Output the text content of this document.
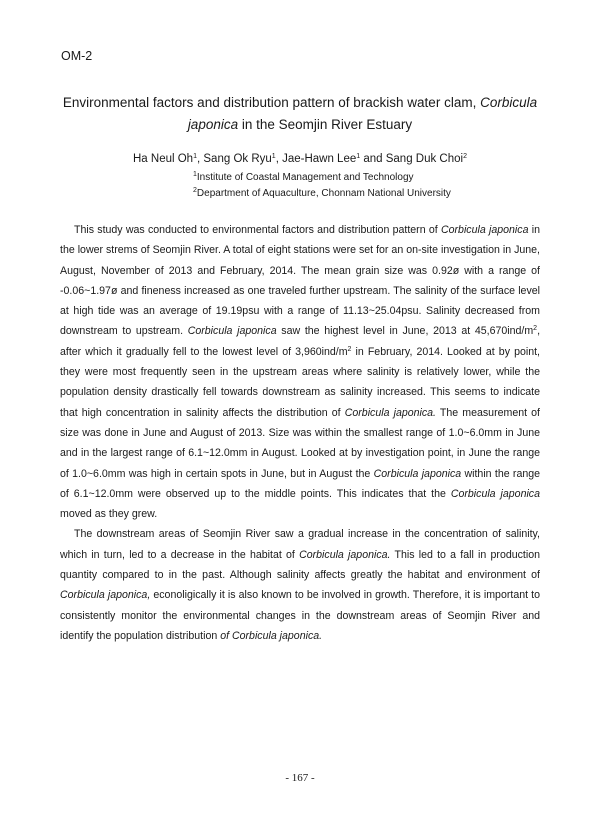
OM-2
Environmental factors and distribution pattern of brackish water clam, Corbicula
japonica in the Seomjin River Estuary
Ha Neul Oh$^1$, Sang Ok Ryu$^1$, Jae-Hawn Lee$^1$ and Sang Duk Choi$^2$
$^1$Institute of Coastal Management and Technology
$^2$Department of Aquaculture, Chonnam National University

This study was conducted to environmental factors and distribution pattern of Corbicula japonica in the lower strems of Seomjin River. A total of eight stations were set for an on-site investigation in June, August, November of 2013 and February, 2014. The mean grain size was 0.92ø with a range of -0.06~1.97ø and fineness increased as one traveled further upstream. The salinity of the surface level at high tide was an average of 19.19psu with a range of 11.13~25.04psu. Salinity decreased from downstream to upstream. Corbicula japonica saw the highest level in June, 2013 at $45,670ind/m^2$, after which it gradually fell to the lowest level of $3,960ind/m^2$ in February, 2014. Looked at by point, they were most frequently seen in the upstream areas where salinity is relatively lower, while the population density drastically fell towards downstream as salinity increased. This seems to indicate that high concentration in salinity affects the distribution of Corbicula japonica. The measurement of size was done in June and August of 2013. Size was within the smallest range of 1.0~6.0mm in June and in the largest range of 6.1~12.0mm in August. Looked at by investigation point, in June the range of 1.0~6.0mm was high in certain spots in June, but in August the Corbicula japonica within the range of 6.1~12.0mm were observed up to the middle points. This indicates that the Corbicula japonica moved as they grew.

The downstream areas of Seomjin River saw a gradual increase in the concentration of salinity, which in turn, led to a decrease in the habitat of Corbicula japonica. This led to a fall in production quantity compared to in the past. Although salinity affects greatly the habitat and environment of Corbicula japonica, econoligically it is also known to be involved in growth. Therefore, it is important to consistently monitor the environmental changes in the downstream areas of Seomjin River and identify the population distribution of Corbicula japonica.

- 167 -
